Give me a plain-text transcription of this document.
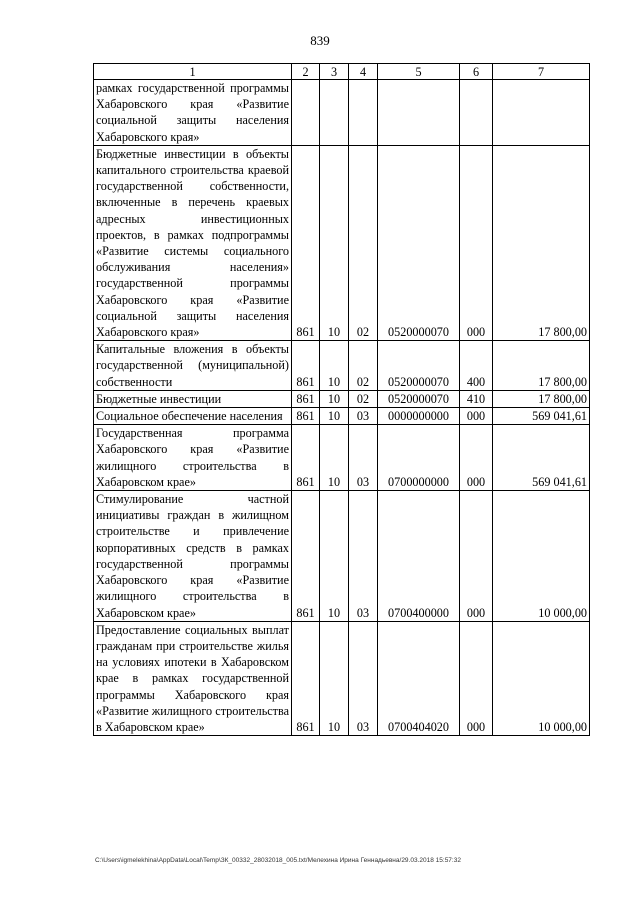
839
1	2	3	4	5	6	7
рамках государственной программы Хабаровского края «Развитие социальной защиты населения Хабаровского края»						
Бюджетные инвестиции в объекты капитального строительства краевой государственной собственности, включенные в перечень краевых адресных инвестиционных проектов, в рамках подпрограммы «Развитие системы социального обслуживания населения» государственной программы Хабаровского края «Развитие социальной защиты населения Хабаровского края»	861	10	02	0520000070	000	17 800,00
Капитальные вложения в объекты государственной (муниципальной) собственности	861	10	02	0520000070	400	17 800,00
Бюджетные инвестиции	861	10	02	0520000070	410	17 800,00
Социальное обеспечение населения	861	10	03	0000000000	000	569 041,61
Государственная программа Хабаровского края «Развитие жилищного строительства в Хабаровском крае»	861	10	03	0700000000	000	569 041,61
Стимулирование частной инициативы граждан в жилищном строительстве и привлечение корпоративных средств в рамках государственной программы Хабаровского края «Развитие жилищного строительства в Хабаровском крае»	861	10	03	0700400000	000	10 000,00
Предоставление социальных выплат гражданам при строительстве жилья на условиях ипотеки в Хабаровском крае в рамках государственной программы Хабаровского края «Развитие жилищного строительства в Хабаровском крае»	861	10	03	0700404020	000	10 000,00
C:\Users\igmelekhina\AppData\Local\Temp\ЗК_00332_28032018_005.txt/Мелехина Ирина Геннадьевна/29.03.2018 15:57:32
